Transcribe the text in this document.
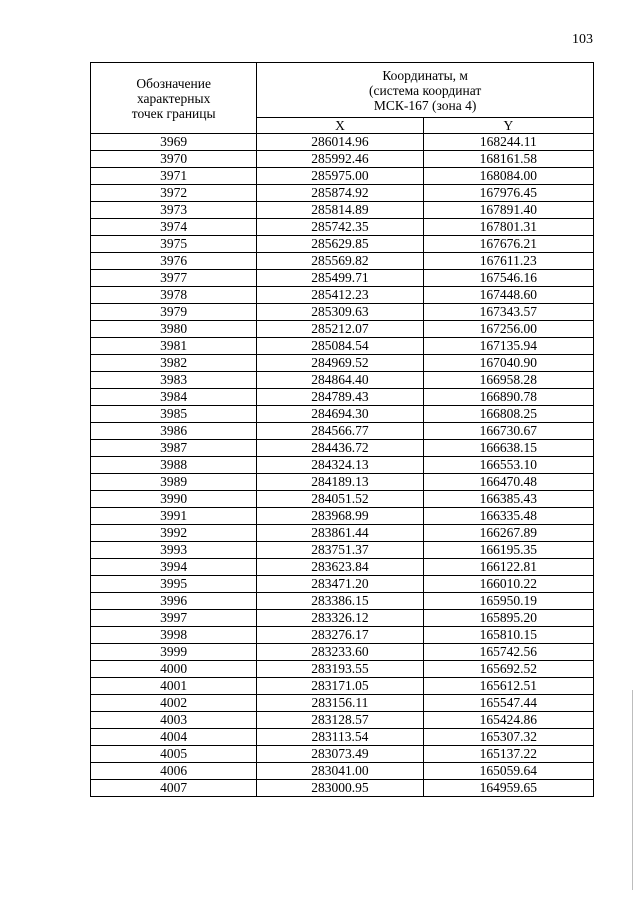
103
Обозначение
характерных
точек границы	Координаты, м
(система координат
МСК-167 (зона 4)	

	X	Y
3969	286014.96	168244.11
3970	285992.46	168161.58
3971	285975.00	168084.00
3972	285874.92	167976.45
3973	285814.89	167891.40
3974	285742.35	167801.31
3975	285629.85	167676.21
3976	285569.82	167611.23
3977	285499.71	167546.16
3978	285412.23	167448.60
3979	285309.63	167343.57
3980	285212.07	167256.00
3981	285084.54	167135.94
3982	284969.52	167040.90
3983	284864.40	166958.28
3984	284789.43	166890.78
3985	284694.30	166808.25
3986	284566.77	166730.67
3987	284436.72	166638.15
3988	284324.13	166553.10
3989	284189.13	166470.48
3990	284051.52	166385.43
3991	283968.99	166335.48
3992	283861.44	166267.89
3993	283751.37	166195.35
3994	283623.84	166122.81
3995	283471.20	166010.22
3996	283386.15	165950.19
3997	283326.12	165895.20
3998	283276.17	165810.15
3999	283233.60	165742.56
4000	283193.55	165692.52
4001	283171.05	165612.51
4002	283156.11	165547.44
4003	283128.57	165424.86
4004	283113.54	165307.32
4005	283073.49	165137.22
4006	283041.00	165059.64
4007	283000.95	164959.65
